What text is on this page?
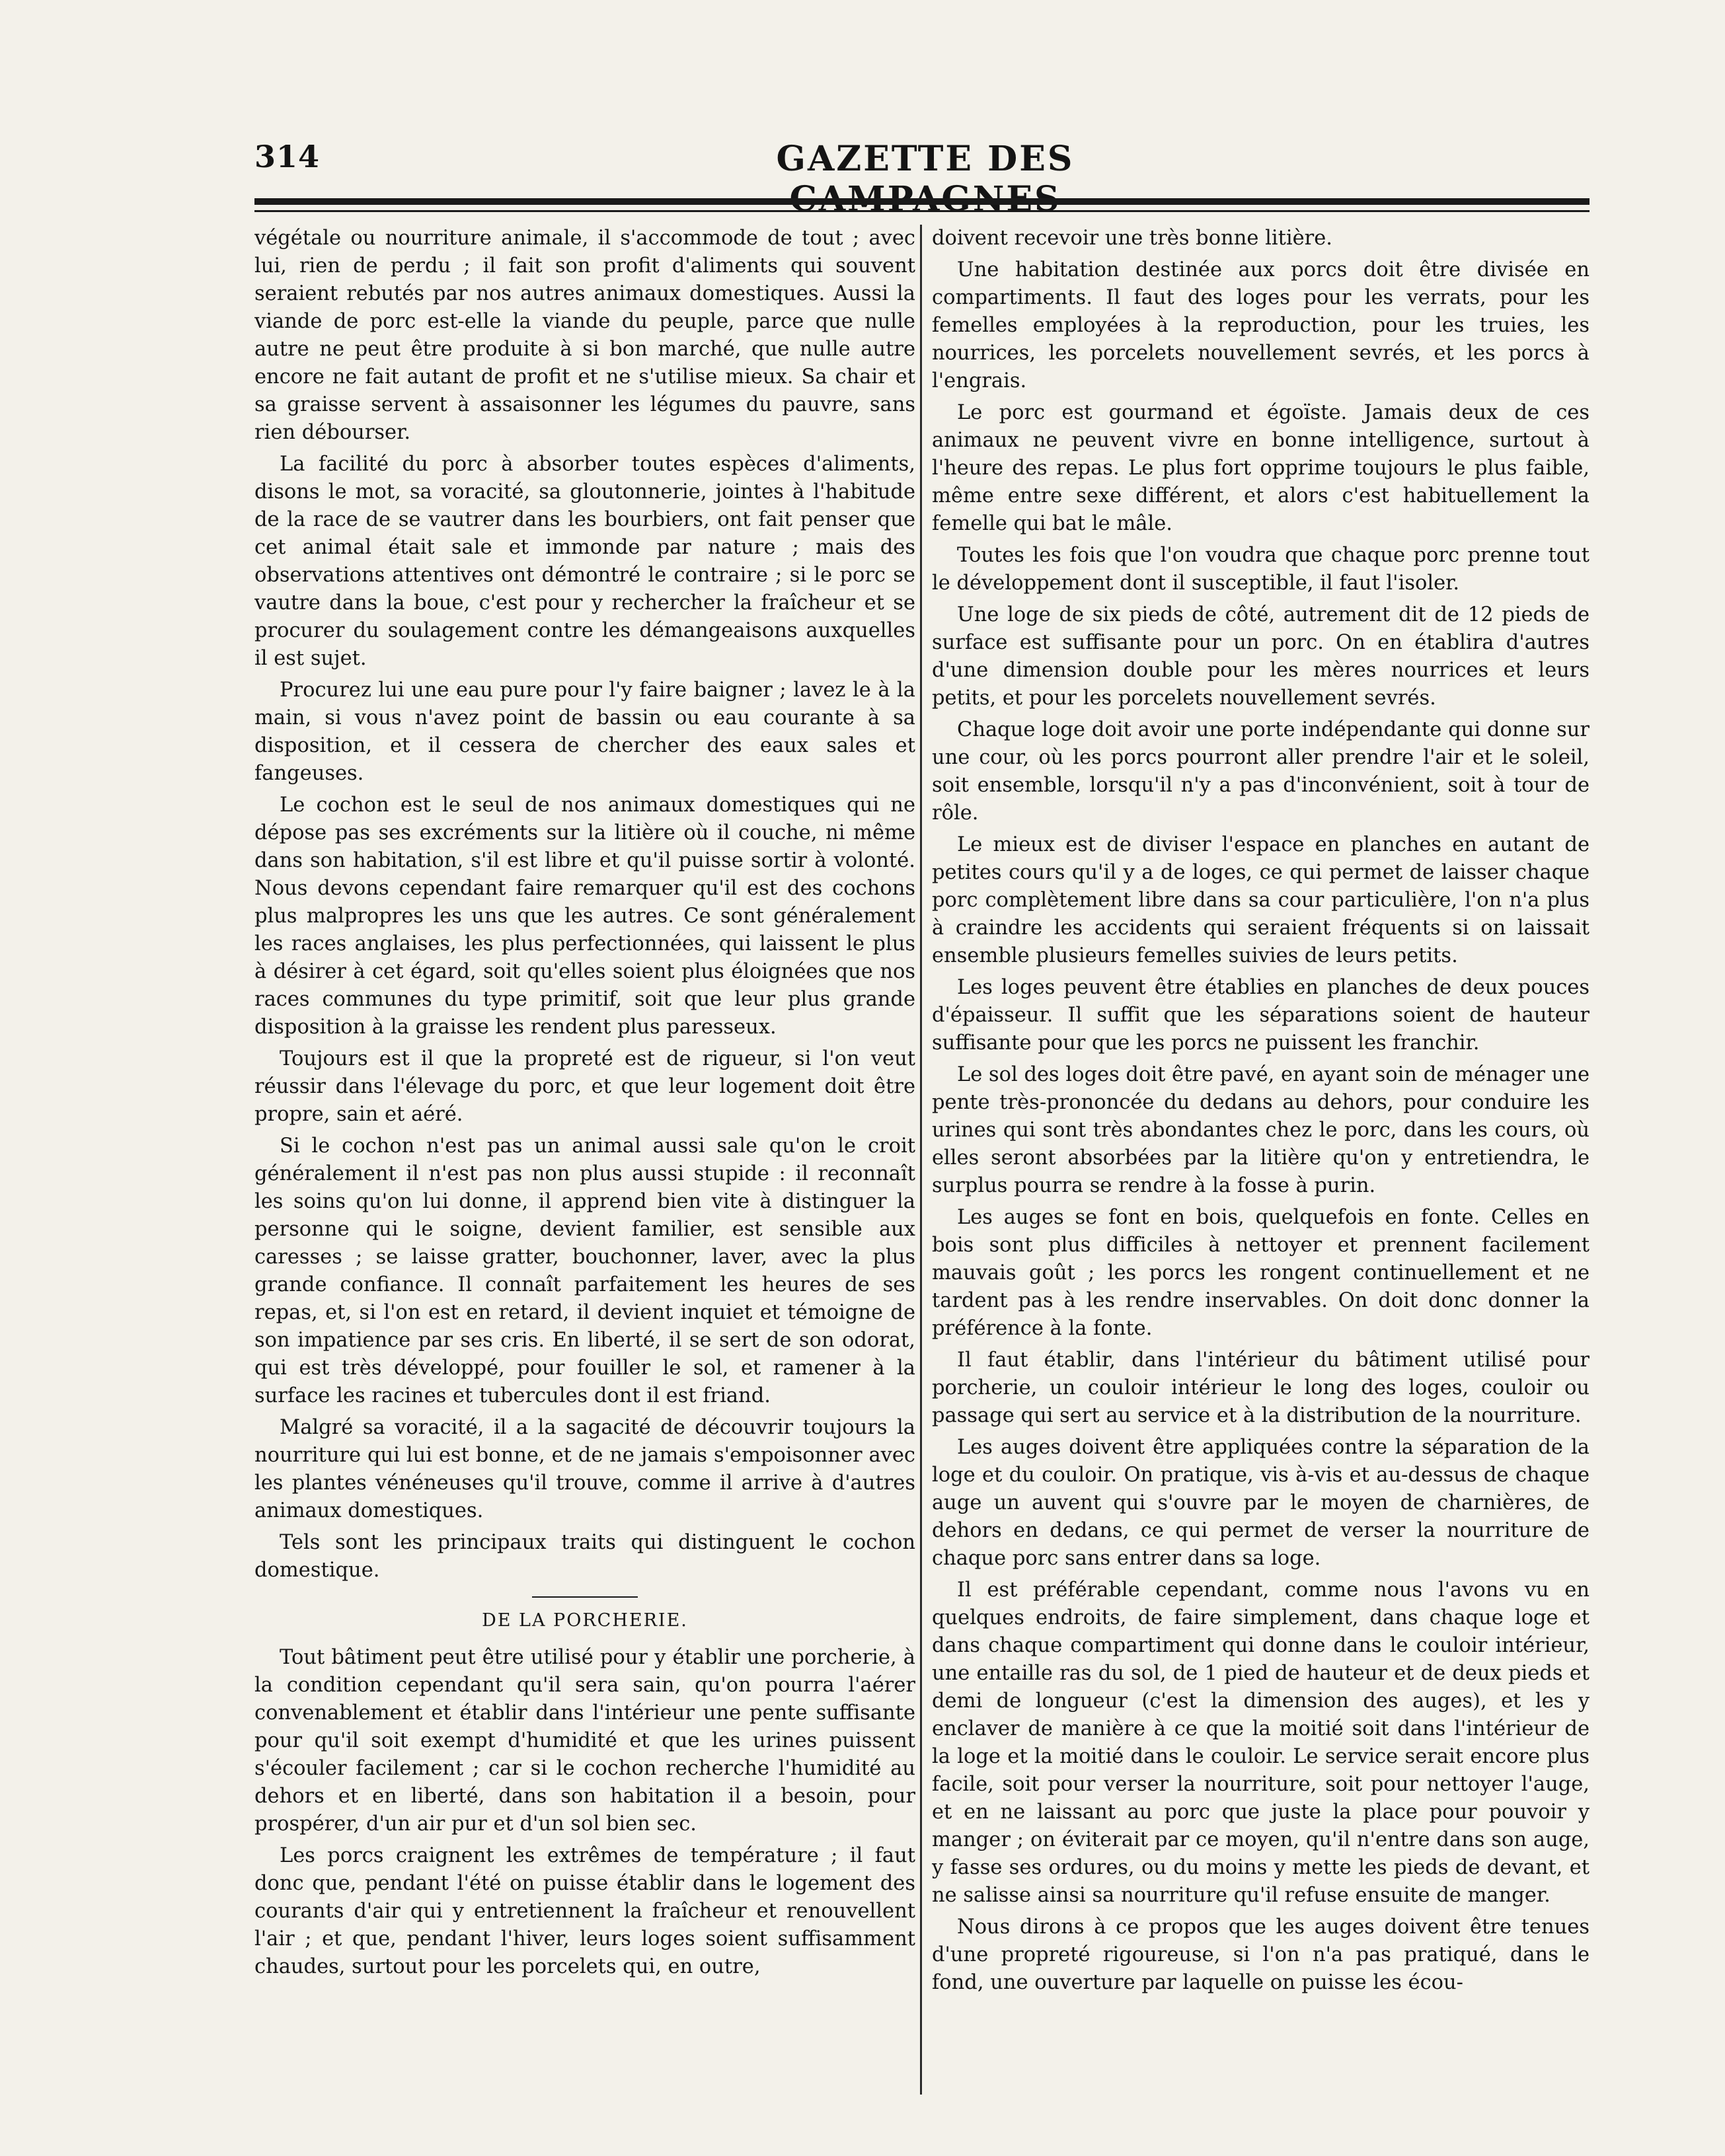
314	GAZETTE DES

végétale ou nourriture animale, il s'accommode de tout ; avec lui, rien de perdu ; il fait son profit d'aliments qui souvent seraient rebutés par nos autres animaux domestiques. Aussi la viande de porc est-elle la viande du peuple, parce que nulle autre ne peut être produite à si bon marché, que nulle autre encore ne fait autant de profit et ne s'utilise mieux. Sa chair et sa graisse servent à assaisonner les légumes du pauvre, sans rien débourser.

La facilité du porc à absorber toutes espèces d'aliments, disons le mot, sa voracité, sa gloutonnerie, jointes à l'habitude de la race de se vautrer dans les bourbiers, ont fait penser que cet animal était sale et immonde par nature ; mais des observations attentives ont démontré le contraire ; si le porc se vautre dans la boue, c'est pour y rechercher la fraîcheur et se procurer du soulagement contre les démangeaisons auxquelles il est sujet.

Procurez lui une eau pure pour l'y faire baigner ; lavez le à la main, si vous n'avez point de bassin ou eau courante à sa disposition, et il cessera de chercher des eaux sales et fangeuses.

Le cochon est le seul de nos animaux domestiques qui ne dépose pas ses excréments sur la litière où il couche, ni même dans son habitation, s'il est libre et qu'il puisse sortir à volonté. Nous devons cependant faire remarquer qu'il est des cochons plus malpropres les uns que les autres. Ce sont généralement les races anglaises, les plus perfectionnées, qui laissent le plus à désirer à cet égard, soit qu'elles soient plus éloignées que nos races communes du type primitif, soit que leur plus grande disposition à la graisse les rendent plus paresseux.

Toujours est il que la propreté est de rigueur, si l'on veut réussir dans l'élevage du porc, et que leur logement doit être propre, sain et aéré.

Si le cochon n'est pas un animal aussi sale qu'on le croit généralement il n'est pas non plus aussi stupide : il reconnaît les soins qu'on lui donne, il apprend bien vite à distinguer la personne qui le soigne, devient familier, est sensible aux caresses ; se laisse gratter, bouchonner, laver, avec la plus grande confiance. Il connaît parfaitement les heures de ses repas, et, si l'on est en retard, il devient inquiet et témoigne de son impatience par ses cris. En liberté, il se sert de son odorat, qui est très développé, pour fouiller le sol, et ramener à la surface les racines et tubercules dont il est friand.

Malgré sa voracité, il a la sagacité de découvrir toujours la nourriture qui lui est bonne, et de ne jamais s'empoisonner avec les plantes vénéneuses qu'il trouve, comme il arrive à d'autres animaux domestiques.

Tels sont les principaux traits qui distinguent le cochon domestique.

DE LA PORCHERIE.

Tout bâtiment peut être utilisé pour y établir une porcherie, à la condition cependant qu'il sera sain, qu'on pourra l'aérer convenablement et établir dans l'intérieur une pente suffisante pour qu'il soit exempt d'humidité et que les urines puissent s'écouler facilement ; car si le cochon recherche l'humidité au dehors et en liberté, dans son habitation il a besoin, pour prospérer, d'un air pur et d'un sol bien sec.

Les porcs craignent les extrêmes de température ; il faut donc que, pendant l'été on puisse établir dans le logement des courants d'air qui y entretiennent la fraîcheur et renouvellent l'air ; et que, pendant l'hiver, leurs loges soient suffisamment chaudes, surtout pour les porcelets qui, en outre,

doivent recevoir une très bonne litière.

Une habitation destinée aux porcs doit être divisée en compartiments. Il faut des loges pour les verrats, pour les femelles employées à la reproduction, pour les truies, les nourrices, les porcelets nouvellement sevrés, et les porcs à l'engrais.

Le porc est gourmand et égoïste. Jamais deux de ces animaux ne peuvent vivre en bonne intelligence, surtout à l'heure des repas. Le plus fort opprime toujours le plus faible, même entre sexe différent, et alors c'est habituellement la femelle qui bat le mâle.

Toutes les fois que l'on voudra que chaque porc prenne tout le développement dont il susceptible, il faut l'isoler.

Une loge de six pieds de côté, autrement dit de 12 pieds de surface est suffisante pour un porc. On en établira d'autres d'une dimension double pour les mères nourrices et leurs petits, et pour les porcelets nouvellement sevrés.

Chaque loge doit avoir une porte indépendante qui donne sur une cour, où les porcs pourront aller prendre l'air et le soleil, soit ensemble, lorsqu'il n'y a pas d'inconvénient, soit à tour de rôle.

Le mieux est de diviser l'espace en planches en autant de petites cours qu'il y a de loges, ce qui permet de laisser chaque porc complètement libre dans sa cour particulière, l'on n'a plus à craindre les accidents qui seraient fréquents si on laissait ensemble plusieurs femelles suivies de leurs petits.

Les loges peuvent être établies en planches de deux pouces d'épaisseur. Il suffit que les séparations soient de hauteur suffisante pour que les porcs ne puissent les franchir.

Le sol des loges doit être pavé, en ayant soin de ménager une pente très-prononcée du dedans au dehors, pour conduire les urines qui sont très abondantes chez le porc, dans les cours, où elles seront absorbées par la litière qu'on y entretiendra, le surplus pourra se rendre à la fosse à purin.

Les auges se font en bois, quelquefois en fonte. Celles en bois sont plus difficiles à nettoyer et prennent facilement mauvais goût ; les porcs les rongent continuellement et ne tardent pas à les rendre inservables. On doit donc donner la préférence à la fonte.

Il faut établir, dans l'intérieur du bâtiment utilisé pour porcherie, un couloir intérieur le long des loges, couloir ou passage qui sert au service et à la distribution de la nourriture.

Les auges doivent être appliquées contre la séparation de la loge et du couloir. On pratique, vis à-vis et au-dessus de chaque auge un auvent qui s'ouvre par le moyen de charnières, de dehors en dedans, ce qui permet de verser la nourriture de chaque porc sans entrer dans sa loge.

Il est préférable cependant, comme nous l'avons vu en quelques endroits, de faire simplement, dans chaque loge et dans chaque compartiment qui donne dans le couloir intérieur, une entaille ras du sol, de 1 pied de hauteur et de deux pieds et demi de longueur (c'est la dimension des auges), et les y enclaver de manière à ce que la moitié soit dans l'intérieur de la loge et la moitié dans le couloir. Le service serait encore plus facile, soit pour verser la nourriture, soit pour nettoyer l'auge, et en ne laissant au porc que juste la place pour pouvoir y manger ; on éviterait par ce moyen, qu'il n'entre dans son auge, y fasse ses ordures, ou du moins y mette les pieds de devant, et ne salisse ainsi sa nourriture qu'il refuse ensuite de manger.

Nous dirons à ce propos que les auges doivent être tenues d'une propreté rigoureuse, si l'on n'a pas pratiqué, dans le fond, une ouverture par laquelle on puisse les écou-
